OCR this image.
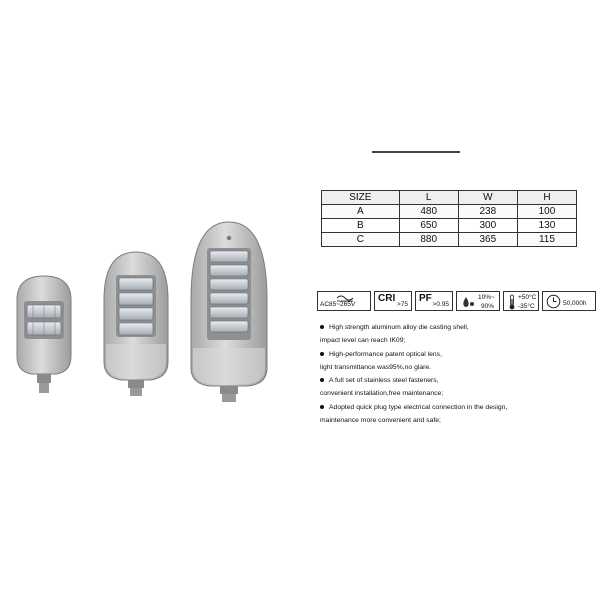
SIZE	L	W	H
A	480	238	100
B	650	300	130
C	880	365	115
AC85~265V
CRI
>75
PF
>0.95
10%~
90%
+50°C
-35°C	50,000h
High strength aluminum alloy die casting shell,
impact level can reach IK09;
High-performance patent optical lens,
light transmittance was95%,no glare.
A full set of stainless steel fasteners,
convenient installation,free maintenance;
Adopted quick plug type electrical connection in the design,
maintenance more convenient and safe;
